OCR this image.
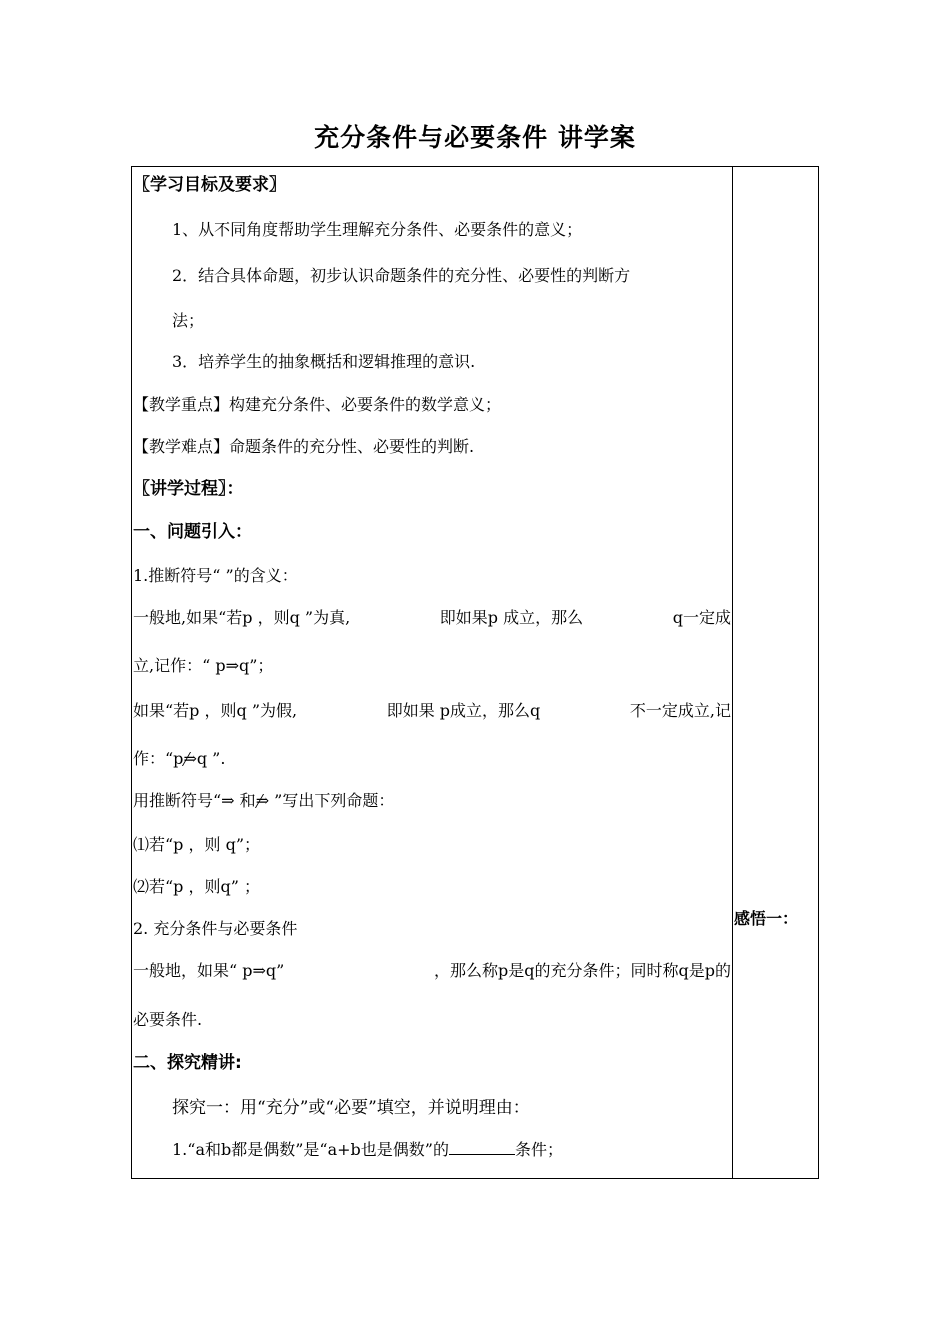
充分条件与必要条件 讲学案
感悟一：
〖学习目标及要求〗
1、从不同角度帮助学生理解充分条件、必要条件的意义；
2．结合具体命题，初步认识命题条件的充分性、必要性的判断方
法；
3．培养学生的抽象概括和逻辑推理的意识.
【教学重点】构建充分条件、必要条件的数学意义；
【教学难点】命题条件的充分性、必要性的判断.
〖讲学过程〗：
一、问题引入：
1.推断符号“ ”的含义：
一般地,如果“若p ，则q ”为真,	即如果p 成立，那么	q一定成
立,记作：“ p⇒q”；
如果“若p ，则q ”为假,	即如果 p成立，那么q	不一定成立,记
作：“p⇒q ”.
用推断符号“⇒ 和⇒ ”写出下列命题：
⑴若“p ，则 q”；
⑵若“p ，则q” ；
2. 充分条件与必要条件
一般地，如果“ p⇒q”	，那么称p是q的充分条件；同时称q是p的
必要条件.
二、探究精讲:
探究一：用“充分”或“必要”填空，并说明理由：
1.“a和b都是偶数”是“a+b也是偶数”的	条件；
